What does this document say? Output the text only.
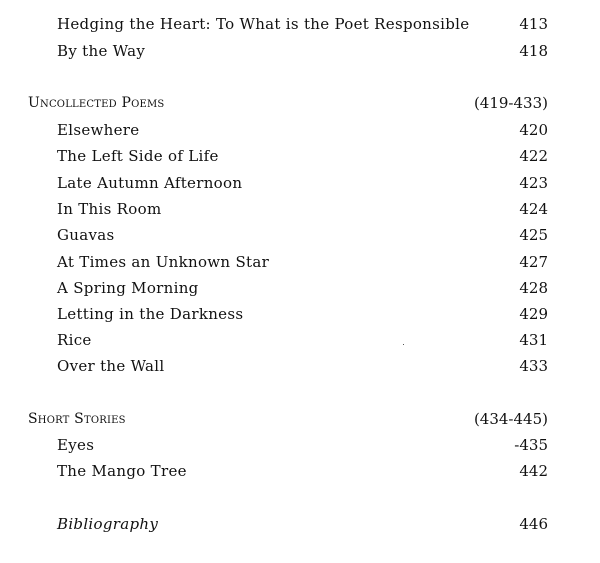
Hedging the Heart: To What is the Poet Responsible	413
By the Way	418
Uncollected Poems	(419-433)
Elsewhere	420
The Left Side of Life	422
Late Autumn Afternoon	423
In This Room	424
Guavas	425
At Times an Unknown Star	427
A Spring Morning	428
Letting in the Darkness	429
Rice	431
Over the Wall	433
Short Stories	(434-445)
Eyes	-435
The Mango Tree	442
Bibliography	446
